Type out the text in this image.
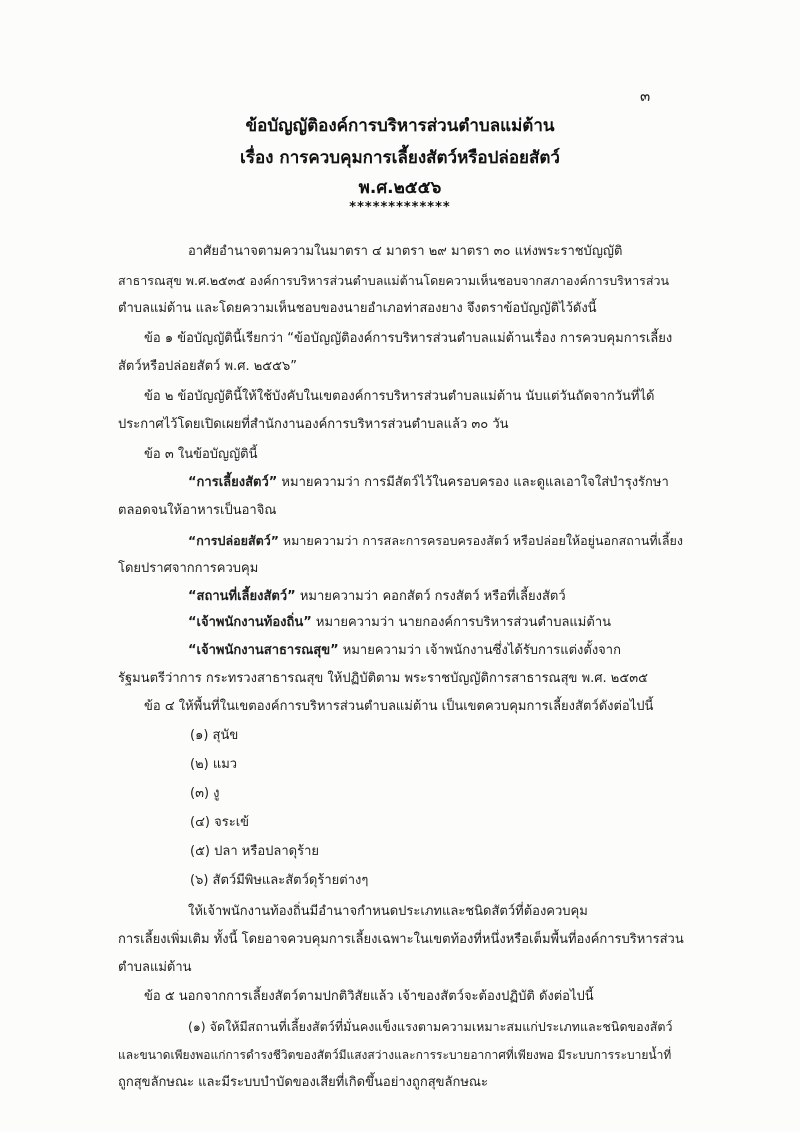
๓
ข้อบัญญัติองค์การบริหารส่วนตำบลแม่ต้าน
เรื่อง การควบคุมการเลี้ยงสัตว์หรือปล่อยสัตว์
พ.ศ.๒๕๕๖
*************
อาศัยอำนาจตามความในมาตรา ๔ มาตรา ๒๙ มาตรา ๓๐ แห่งพระราชบัญญัติ
สาธารณสุข พ.ศ.๒๕๓๕ องค์การบริหารส่วนตำบลแม่ต้านโดยความเห็นชอบจากสภาองค์การบริหารส่วน
ตำบลแม่ต้าน และโดยความเห็นชอบของนายอำเภอท่าสองยาง จึงตราข้อบัญญัติไว้ดังนี้
ข้อ ๑ ข้อบัญญัตินี้เรียกว่า “ข้อบัญญัติองค์การบริหารส่วนตำบลแม่ต้านเรื่อง การควบคุมการเลี้ยง
สัตว์หรือปล่อยสัตว์ พ.ศ. ๒๕๕๖”
ข้อ ๒ ข้อบัญญัตินี้ให้ใช้บังคับในเขตองค์การบริหารส่วนตำบลแม่ต้าน นับแต่วันถัดจากวันที่ได้
ประกาศไว้โดยเปิดเผยที่สำนักงานองค์การบริหารส่วนตำบลแล้ว ๓๐ วัน
ข้อ ๓ ในข้อบัญญัตินี้
“การเลี้ยงสัตว์” หมายความว่า การมีสัตว์ไว้ในครอบครอง และดูแลเอาใจใส่บำรุงรักษา
ตลอดจนให้อาหารเป็นอาจิณ
“การปล่อยสัตว์” หมายความว่า การสละการครอบครองสัตว์ หรือปล่อยให้อยู่นอกสถานที่เลี้ยง
โดยปราศจากการควบคุม
“สถานที่เลี้ยงสัตว์” หมายความว่า คอกสัตว์ กรงสัตว์ หรือที่เลี้ยงสัตว์
“เจ้าพนักงานท้องถิ่น” หมายความว่า นายกองค์การบริหารส่วนตำบลแม่ต้าน
“เจ้าพนักงานสาธารณสุข” หมายความว่า เจ้าพนักงานซึ่งได้รับการแต่งตั้งจาก
รัฐมนตรีว่าการ กระทรวงสาธารณสุข ให้ปฏิบัติตาม พระราชบัญญัติการสาธารณสุข พ.ศ. ๒๕๓๕
ข้อ ๔ ให้พื้นที่ในเขตองค์การบริหารส่วนตำบลแม่ต้าน เป็นเขตควบคุมการเลี้ยงสัตว์ดังต่อไปนี้
(๑) สุนัข
(๒) แมว
(๓) งู
(๔) จระเข้
(๕) ปลา หรือปลาดุร้าย
(๖) สัตว์มีพิษและสัตว์ดุร้ายต่างๆ
ให้เจ้าพนักงานท้องถิ่นมีอำนาจกำหนดประเภทและชนิดสัตว์ที่ต้องควบคุม
การเลี้ยงเพิ่มเติม ทั้งนี้ โดยอาจควบคุมการเลี้ยงเฉพาะในเขตท้องที่หนึ่งหรือเต็มพื้นที่องค์การบริหารส่วน
ตำบลแม่ต้าน
ข้อ ๕ นอกจากการเลี้ยงสัตว์ตามปกติวิสัยแล้ว เจ้าของสัตว์จะต้องปฏิบัติ ดังต่อไปนี้
(๑) จัดให้มีสถานที่เลี้ยงสัตว์ที่มั่นคงแข็งแรงตามความเหมาะสมแก่ประเภทและชนิดของสัตว์
และขนาดเพียงพอแก่การดำรงชีวิตของสัตว์มีแสงสว่างและการระบายอากาศที่เพียงพอ มีระบบการระบายน้ำที่
ถูกสุขลักษณะ และมีระบบบำบัดของเสียที่เกิดขึ้นอย่างถูกสุขลักษณะ
